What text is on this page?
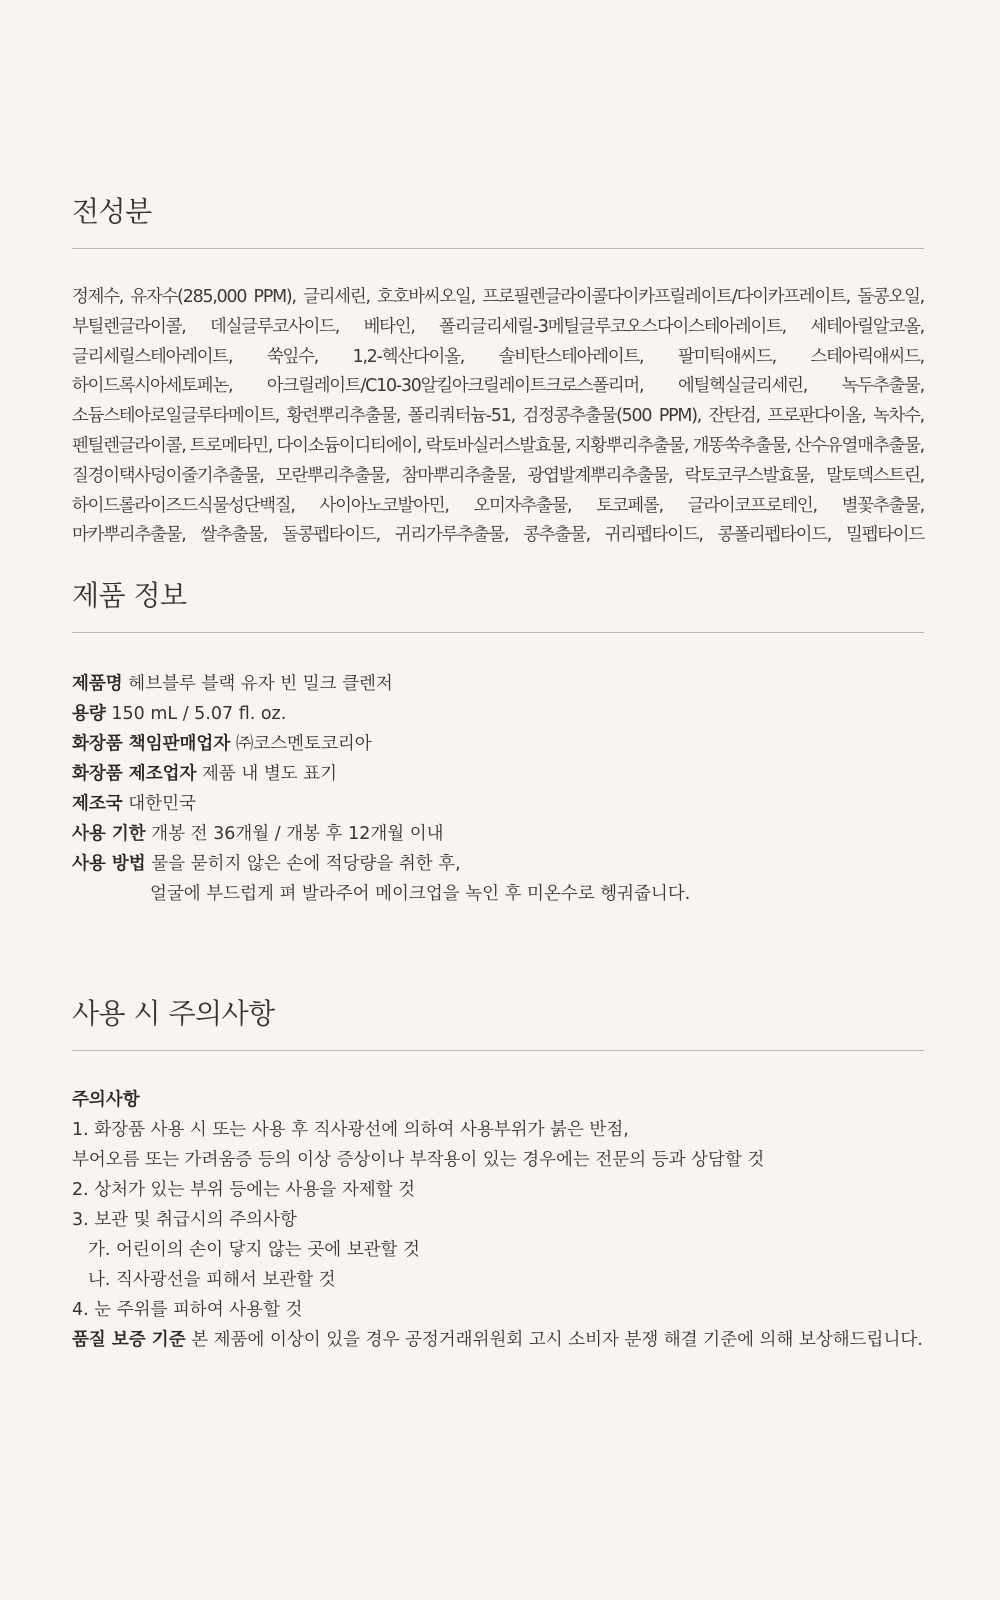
전성분

정제수, 유자수(285,000 PPM), 글리세린, 호호바씨오일, 프로필렌글라이콜다이카프릴레이트/다이카프레이트, 돌콩오일, 부틸렌글라이콜, 데실글루코사이드, 베타인, 폴리글리세릴-3메틸글루코오스다이스테아레이트, 세테아릴알코올, 글리세릴스테아레이트, 쑥잎수, 1,2-헥산다이올, 솔비탄스테아레이트, 팔미틱애씨드, 스테아릭애씨드, 하이드록시아세토페논, 아크릴레이트/C10-30알킬아크릴레이트크로스폴리머, 에틸헥실글리세린, 녹두추출물, 소듐스테아로일글루타메이트, 황련뿌리추출물, 폴리쿼터늄-51, 검정콩추출물(500 PPM), 잔탄검, 프로판다이올, 녹차수, 펜틸렌글라이콜, 트로메타민, 다이소듐이디티에이, 락토바실러스발효물, 지황뿌리추출물, 개똥쑥추출물, 산수유열매추출물, 질경이택사덩이줄기추출물, 모란뿌리추출물, 참마뿌리추출물, 광엽발계뿌리추출물, 락토코쿠스발효물, 말토덱스트린, 하이드롤라이즈드식물성단백질, 사이아노코발아민, 오미자추출물, 토코페롤, 글라이코프로테인, 별꽃추출물, 마카뿌리추출물, 쌀추출물, 돌콩펩타이드, 귀리가루추출물, 콩추출물, 귀리펩타이드, 콩폴리펩타이드, 밀펩타이드

제품 정보
제품명 헤브블루 블랙 유자 빈 밀크 클렌저
용량 150 mL / 5.07 fl. oz.
화장품 책임판매업자 ㈜코스멘토코리아
화장품 제조업자 제품 내 별도 표기
제조국 대한민국
사용 기한 개봉 전 36개월 / 개봉 후 12개월 이내
사용 방법 물을 묻히지 않은 손에 적당량을 취한 후,
얼굴에 부드럽게 펴 발라주어 메이크업을 녹인 후 미온수로 헹궈줍니다.
사용 시 주의사항
주의사항
1. 화장품 사용 시 또는 사용 후 직사광선에 의하여 사용부위가 붉은 반점,
부어오름 또는 가려움증 등의 이상 증상이나 부작용이 있는 경우에는 전문의 등과 상담할 것
2. 상처가 있는 부위 등에는 사용을 자제할 것
3. 보관 및 취급시의 주의사항
가. 어린이의 손이 닿지 않는 곳에 보관할 것
나. 직사광선을 피해서 보관할 것
4. 눈 주위를 피하여 사용할 것
품질 보증 기준 본 제품에 이상이 있을 경우 공정거래위원회 고시 소비자 분쟁 해결 기준에 의해 보상해드립니다.
